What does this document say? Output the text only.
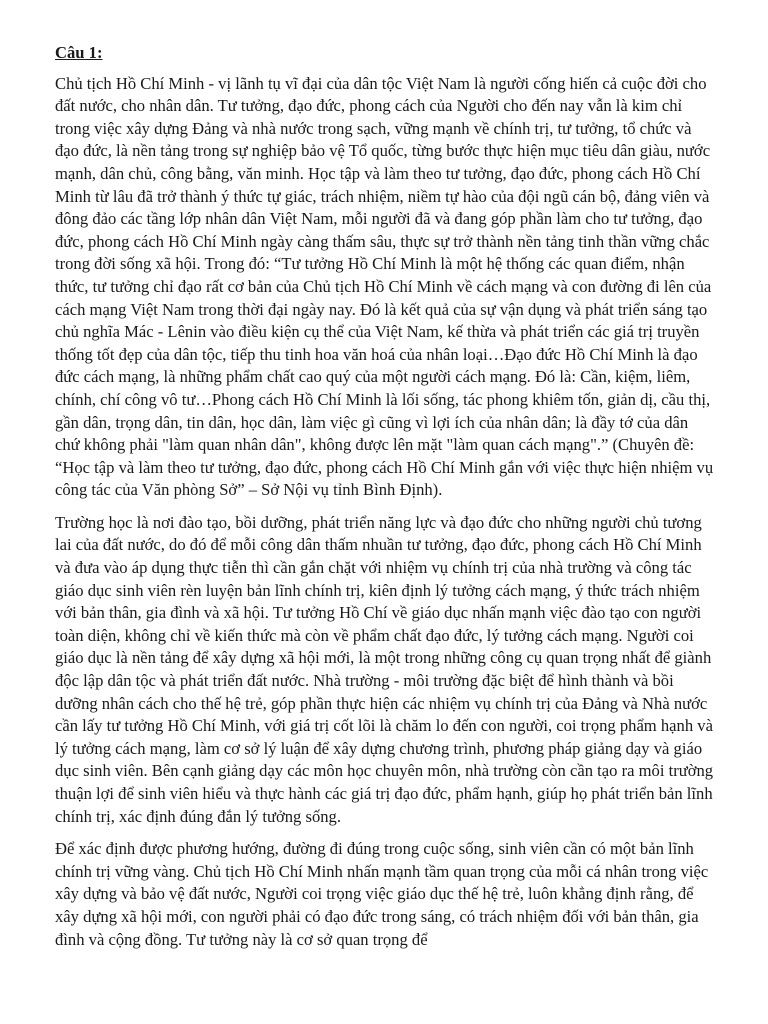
Câu 1:

Chủ tịch Hồ Chí Minh - vị lãnh tụ vĩ đại của dân tộc Việt Nam là người cống hiến cả cuộc đời cho đất nước, cho nhân dân. Tư tưởng, đạo đức, phong cách của Người cho đến nay vẫn là kim chỉ trong việc xây dựng Đảng và nhà nước trong sạch, vững mạnh về chính trị, tư tưởng, tổ chức và đạo đức, là nền tảng trong sự nghiệp bảo vệ Tổ quốc, từng bước thực hiện mục tiêu dân giàu, nước mạnh, dân chủ, công bằng, văn minh. Học tập và làm theo tư tưởng, đạo đức, phong cách Hồ Chí Minh từ lâu đã trở thành ý thức tự giác, trách nhiệm, niềm tự hào của đội ngũ cán bộ, đảng viên và đông đảo các tầng lớp nhân dân Việt Nam, mỗi người đã và đang góp phần làm cho tư tưởng, đạo đức, phong cách Hồ Chí Minh ngày càng thấm sâu, thực sự trở thành nền tảng tinh thần vững chắc trong đời sống xã hội. Trong đó: “Tư tưởng Hồ Chí Minh là một hệ thống các quan điểm, nhận thức, tư tưởng chỉ đạo rất cơ bản của Chủ tịch Hồ Chí Minh về cách mạng và con đường đi lên của cách mạng Việt Nam trong thời đại ngày nay. Đó là kết quả của sự vận dụng và phát triển sáng tạo chủ nghĩa Mác - Lênin vào điều kiện cụ thể của Việt Nam, kế thừa và phát triển các giá trị truyền thống tốt đẹp của dân tộc, tiếp thu tinh hoa văn hoá của nhân loại…Đạo đức Hồ Chí Minh là đạo đức cách mạng, là những phẩm chất cao quý của một người cách mạng. Đó là: Cần, kiệm, liêm, chính, chí công vô tư…Phong cách Hồ Chí Minh là lối sống, tác phong khiêm tốn, giản dị, cầu thị, gần dân, trọng dân, tin dân, học dân, làm việc gì cũng vì lợi ích của nhân dân; là đầy tớ của dân chứ không phải "làm quan nhân dân", không được lên mặt "làm quan cách mạng".” (Chuyên đề: “Học tập và làm theo tư tưởng, đạo đức, phong cách Hồ Chí Minh gắn với việc thực hiện nhiệm vụ công tác của Văn phòng Sở” – Sở Nội vụ tỉnh Bình Định).

Trường học là nơi đào tạo, bồi dưỡng, phát triển năng lực và đạo đức cho những người chủ tương lai của đất nước, do đó để mỗi công dân thấm nhuần tư tưởng, đạo đức, phong cách Hồ Chí Minh và đưa vào áp dụng thực tiễn thì cần gắn chặt với nhiệm vụ chính trị của nhà trường và công tác giáo dục sinh viên rèn luyện bản lĩnh chính trị, kiên định lý tưởng cách mạng, ý thức trách nhiệm với bản thân, gia đình và xã hội. Tư tưởng Hồ Chí về giáo dục nhấn mạnh việc đào tạo con người toàn diện, không chỉ về kiến thức mà còn về phẩm chất đạo đức, lý tưởng cách mạng. Người coi giáo dục là nền tảng để xây dựng xã hội mới, là một trong những công cụ quan trọng nhất để giành độc lập dân tộc và phát triển đất nước. Nhà trường - môi trường đặc biệt để hình thành và bồi dưỡng nhân cách cho thế hệ trẻ, góp phần thực hiện các nhiệm vụ chính trị của Đảng và Nhà nước cần lấy tư tưởng Hồ Chí Minh, với giá trị cốt lõi là chăm lo đến con người, coi trọng phẩm hạnh và lý tưởng cách mạng, làm cơ sở lý luận để xây dựng chương trình, phương pháp giảng dạy và giáo dục sinh viên. Bên cạnh giảng dạy các môn học chuyên môn, nhà trường còn cần tạo ra môi trường thuận lợi để sinh viên hiểu và thực hành các giá trị đạo đức, phẩm hạnh, giúp họ phát triển bản lĩnh chính trị, xác định đúng đắn lý tưởng sống.

Để xác định được phương hướng, đường đi đúng trong cuộc sống, sinh viên cần có một bản lĩnh chính trị vững vàng. Chủ tịch Hồ Chí Minh nhấn mạnh tầm quan trọng của mỗi cá nhân trong việc xây dựng và bảo vệ đất nước, Người coi trọng việc giáo dục thế hệ trẻ, luôn khẳng định rằng, để xây dựng xã hội mới, con người phải có đạo đức trong sáng, có trách nhiệm đối với bản thân, gia đình và cộng đồng. Tư tưởng này là cơ sở quan trọng để
